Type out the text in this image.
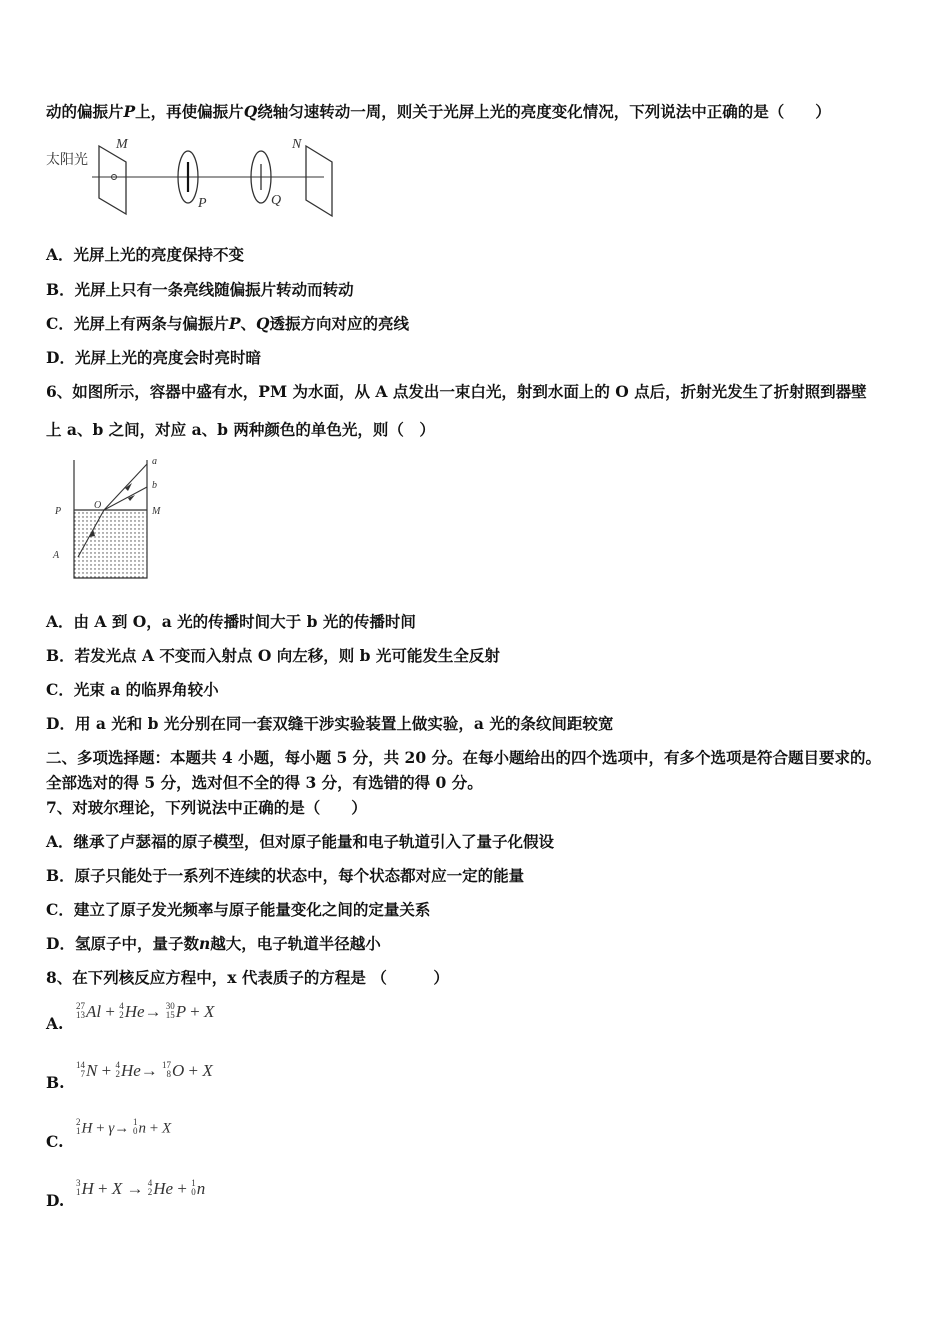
动的偏振片P上，再使偏振片Q绕轴匀速转动一周，则关于光屏上光的亮度变化情况，下列说法中正确的是（　　）
太阳光
M
P	Q
N
A．光屏上光的亮度保持不变
B．光屏上只有一条亮线随偏振片转动而转动
C．光屏上有两条与偏振片P、Q透振方向对应的亮线
D．光屏上光的亮度会时亮时暗
6、如图所示，容器中盛有水，PM 为水面，从 A 点发出一束白光，射到水面上的 O 点后，折射光发生了折射照到器壁
上 a、b 之间，对应 a、b 两种颜色的单色光，则（　）
a
b
O
P	M
A
A．由 A 到 O，a 光的传播时间大于 b 光的传播时间
B．若发光点 A 不变而入射点 O 向左移，则 b 光可能发生全反射
C．光束 a 的临界角较小
D．用 a 光和 b 光分别在同一套双缝干涉实验装置上做实验，a 光的条纹间距较宽
二、多项选择题：本题共 4 小题，每小题 5 分，共 20 分。在每小题给出的四个选项中，有多个选项是符合题目要求的。
全部选对的得 5 分，选对但不全的得 3 分，有选错的得 0 分。
7、对玻尔理论，下列说法中正确的是（　　）
A．继承了卢瑟福的原子模型，但对原子能量和电子轨道引入了量子化假设
B．原子只能处于一系列不连续的状态中，每个状态都对应一定的能量
C．建立了原子发光频率与原子能量变化之间的定量关系
D．氢原子中，量子数n越大，电子轨道半径越小
8、在下列核反应方程中，x 代表质子的方程是 （　　　）
A.
27
13 Al + 4
2 He→ 30
15 P + X
B.
14
7 N + 4
2 He→ 17
8 O + X
C.
2
1 H + γ→ 1
0 n + X
D.
3
1 H + X → 4
2 He + 1
0 n
